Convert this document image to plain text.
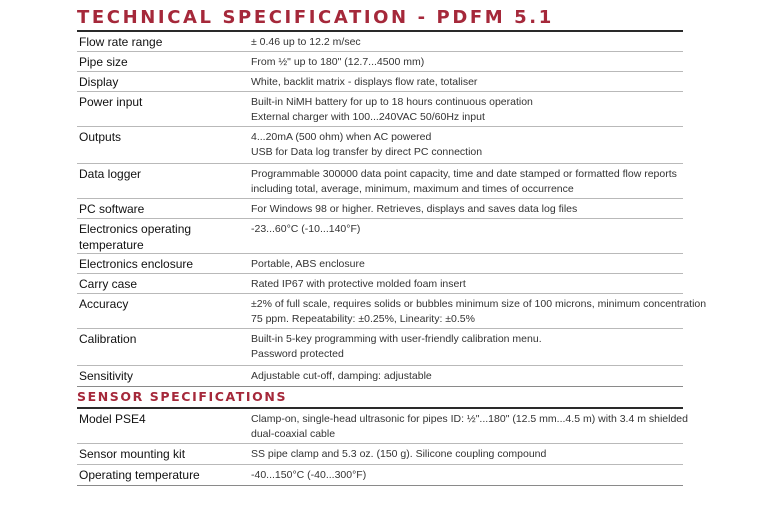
TECHNICAL SPECIFICATION - PDFM 5.1
Flow rate range	± 0.46 up to 12.2 m/sec
Pipe size	From ½" up to 180" (12.7...4500 mm)
Display	White, backlit matrix - displays flow rate, totaliser
Power input	Built-in NiMH battery for up to 18 hours continuous operation
External charger with 100...240VAC 50/60Hz input
Outputs	4...20mA (500 ohm) when AC powered
USB for Data log transfer by direct PC connection
Data logger	Programmable 300000 data point capacity, time and date stamped or formatted flow reports
including total, average, minimum, maximum and times of occurrence
PC software	For Windows 98 or higher. Retrieves, displays and saves data log files
Electronics operating
temperature
-23...60°C (-10...140°F)
Electronics enclosure	Portable, ABS enclosure
Carry case	Rated IP67 with protective molded foam insert
Accuracy	±2% of full scale, requires solids or bubbles minimum size of 100 microns, minimum concentration
75 ppm. Repeatability: ±0.25%, Linearity: ±0.5%
Calibration	Built-in 5-key programming with user-friendly calibration menu.
Password protected
Sensitivity	Adjustable cut-off, damping: adjustable
SENSOR SPECIFICATIONS
Model PSE4	Clamp-on, single-head ultrasonic for pipes ID: ½"...180" (12.5 mm...4.5 m) with 3.4 m shielded
dual-coaxial cable
Sensor mounting kit	SS pipe clamp and 5.3 oz. (150 g). Silicone coupling compound
Operating temperature	-40...150°C (-40...300°F)
